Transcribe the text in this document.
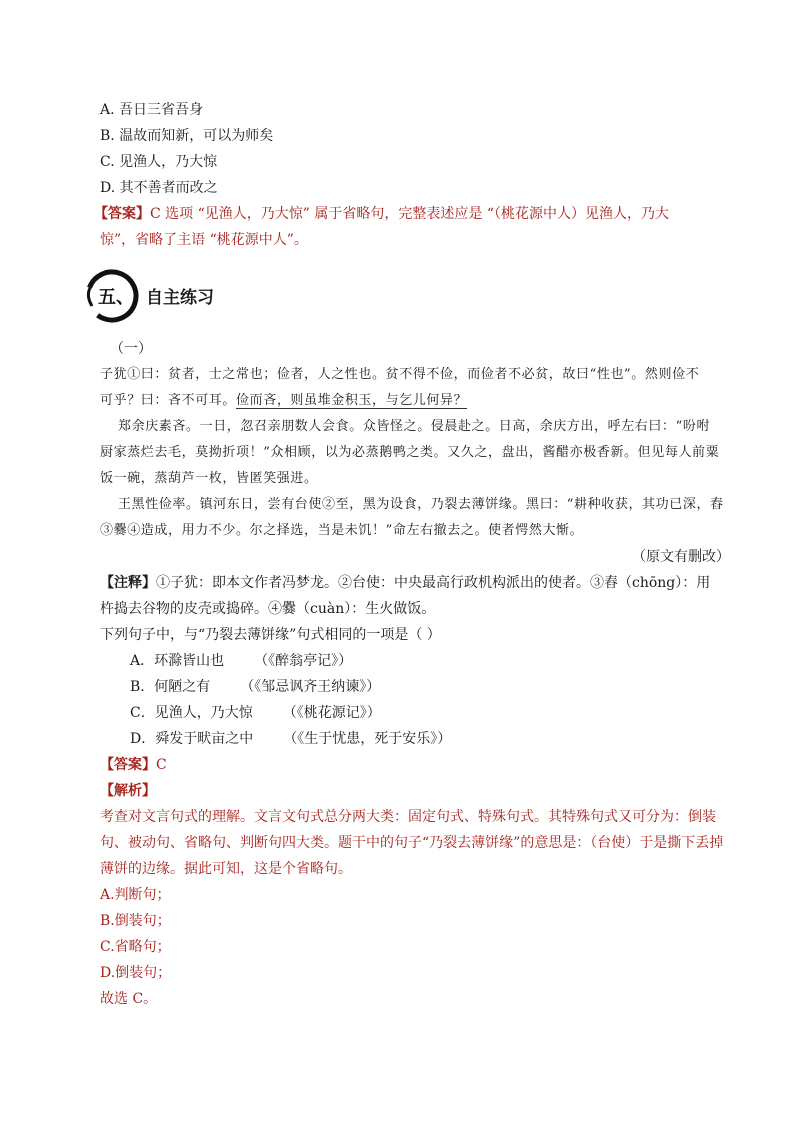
A. 吾日三省吾身
B. 温故而知新，可以为师矣
C. 见渔人，乃大惊
D. 其不善者而改之
【答案】C 选项 “见渔人，乃大惊” 属于省略句，完整表述应是 “（桃花源中人）见渔人，乃大
惊”，省略了主语 “桃花源中人”。
五、 自主练习
（一）
子犹①曰：贫者，士之常也；俭者，人之性也。贫不得不俭，而俭者不必贫，故曰“性也”。然则俭不
可乎？曰：吝不可耳。俭而吝，则虽堆金积玉，与乞儿何异？
郑余庆素吝。一日，忽召亲朋数人会食。众皆怪之。侵晨赴之。日高，余庆方出，呼左右曰：“吩咐
厨家蒸烂去毛，莫拗折项！”众相顾，以为必蒸鹅鸭之类。又久之，盘出，酱醋亦极香新。但见每人前粟
饭一碗，蒸葫芦一枚，皆匿笑强进。
王黑性俭率。镇河东日，尝有台使②至，黑为设食，乃裂去薄饼缘。黑曰：“耕种收获，其功已深，舂
③爨④造成，用力不少。尔之择选，当是未饥！”命左右撤去之。使者愕然大惭。
（原文有删改）
【注释】①子犹：即本文作者冯梦龙。②台使：中央最高行政机构派出的使者。③舂（chōng）：用
杵捣去谷物的皮壳或捣碎。④爨（cuàn）：生火做饭。
下列句子中，与“乃裂去薄饼缘”句式相同的一项是（ ）
A．环滁皆山也 （《醉翁亭记》）
B．何陋之有 （《邹忌讽齐王纳谏》）
C．见渔人，乃大惊 （《桃花源记》）
D．舜发于畎亩之中 （《生于忧患，死于安乐》）
【答案】C
【解析】
考查对文言句式的理解。文言文句式总分两大类：固定句式、特殊句式。其特殊句式又可分为：倒装
句、被动句、省略句、判断句四大类。题干中的句子“乃裂去薄饼缘”的意思是：（台使）于是撕下丢掉
薄饼的边缘。据此可知，这是个省略句。
A.判断句；
B.倒装句；
C.省略句；
D.倒装句；
故选 C。
